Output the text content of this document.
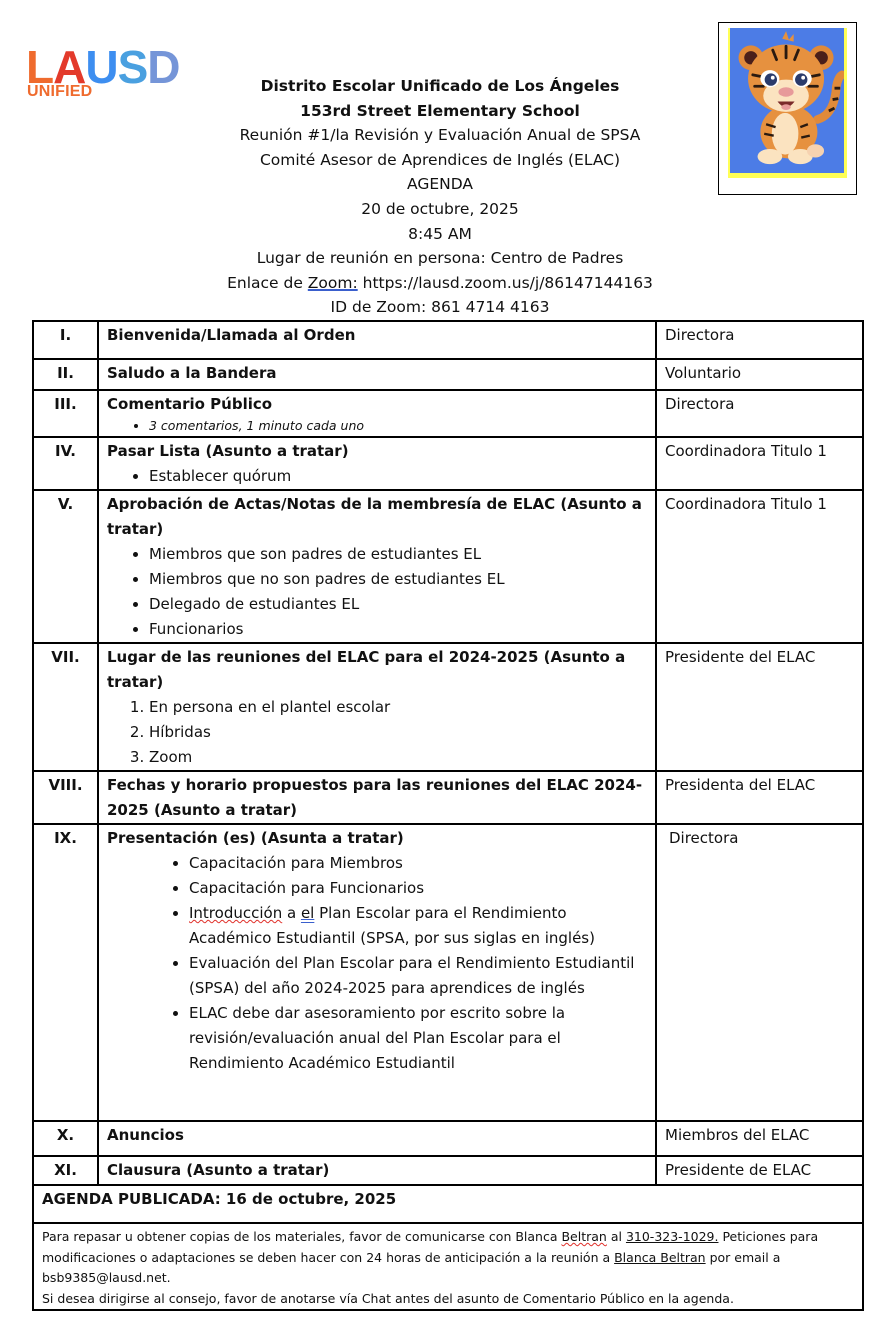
LAUSD
UNIFIED	Distrito Escolar Unificado de Los Ángeles
153rd Street Elementary School
Reunión #1/la Revisión y Evaluación Anual de SPSA
Comité Asesor de Aprendices de Inglés (ELAC)
AGENDA
20 de octubre, 2025
8:45 AM
Lugar de reunión en persona: Centro de Padres
Enlace de Zoom: https://lausd.zoom.us/j/86147144163
ID de Zoom: 861 4714 4163
I.	Bienvenida/Llamada al Orden	Directora
II.	Saludo a la Bandera	Voluntario
III.	Comentario Público
• 3 comentarios, 1 minuto cada uno
	Directora
IV.	Pasar Lista (Asunto a tratar)
• Establecer quórum
	Coordinadora Titulo 1
V.	Aprobación de Actas/Notas de la membresía de ELAC (Asunto a tratar)
• Miembros que son padres de estudiantes EL
• Miembros que no son padres de estudiantes EL
• Delegado de estudiantes EL
• Funcionarios
	Coordinadora Titulo 1
VII.	Lugar de las reuniones del ELAC para el 2024-2025 (Asunto a tratar)
1. En persona en el plantel escolar
2. Híbridas
3. Zoom
	Presidente del ELAC
VIII.	Fechas y horario propuestos para las reuniones del ELAC 2024-2025 (Asunto a tratar)	Presidenta del ELAC
IX.	Presentación (es) (Asunta a tratar)
• Capacitación para Miembros
• Capacitación para Funcionarios
• Introducción a el Plan Escolar para el Rendimiento Académico Estudiantil (SPSA, por sus siglas en inglés)
• Evaluación del Plan Escolar para el Rendimiento Estudiantil (SPSA) del año 2024-2025 para aprendices de inglés
• ELAC debe dar asesoramiento por escrito sobre la revisión/evaluación anual del Plan Escolar para el Rendimiento Académico Estudiantil
	Directora
X.	Anuncios	Miembros del ELAC
XI.	Clausura (Asunto a tratar)	Presidente de ELAC
AGENDA PUBLICADA: 16 de octubre, 2025		

Para repasar u obtener copias de los materiales, favor de comunicarse con Blanca Beltran al 310-323-1029. Peticiones para modificaciones o adaptaciones se deben hacer con 24 horas de anticipación a la reunión a Blanca Beltran por email a bsb9385@lausd.net.
Si desea dirigirse al consejo, favor de anotarse vía Chat antes del asunto de Comentario Público en la agenda.		
